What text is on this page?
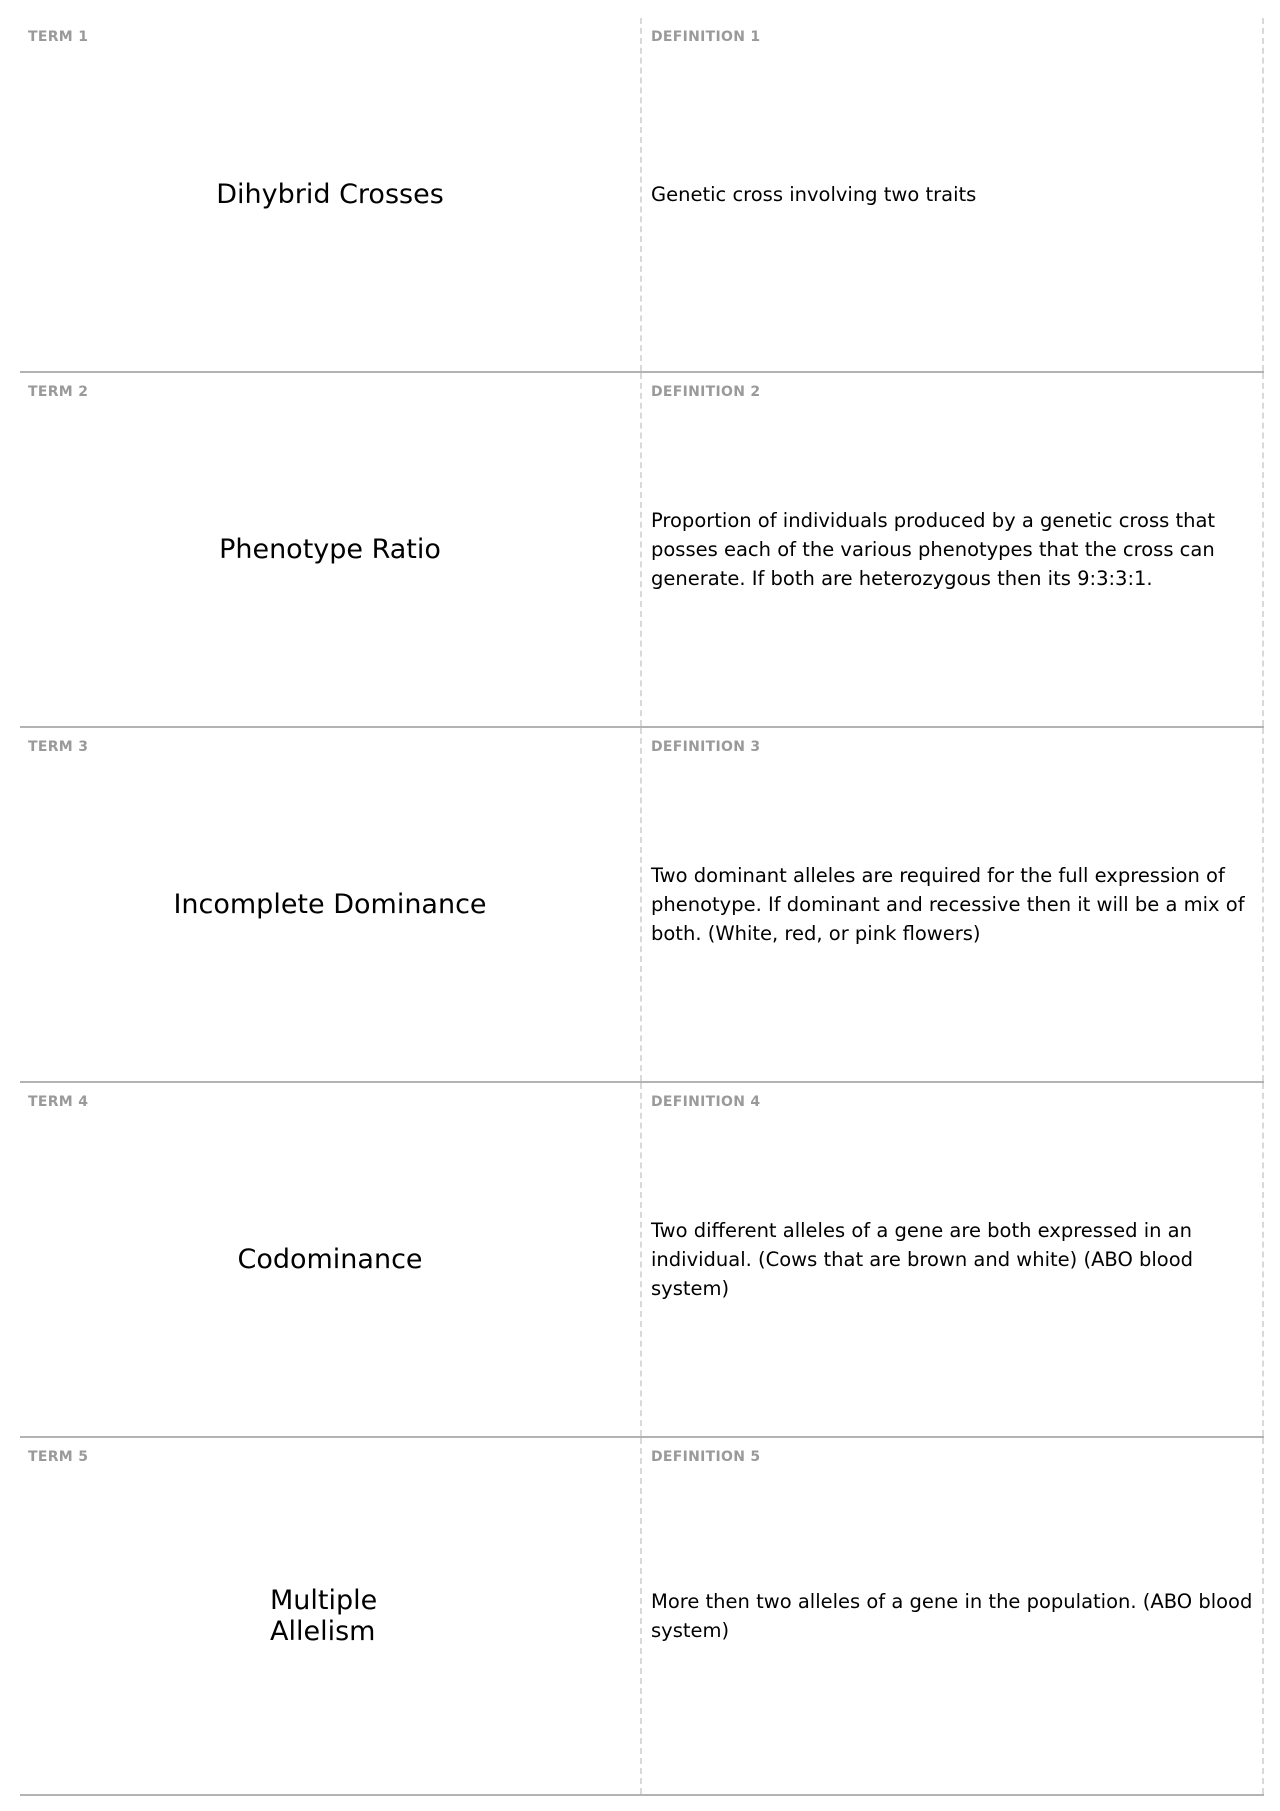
TERM 1
Dihybrid Crosses
DEFINITION 1
Genetic cross involving two traits
TERM 2
Phenotype Ratio
DEFINITION 2
Proportion of individuals produced by a genetic cross that posses each of the various phenotypes that the cross can generate. If both are heterozygous then its 9:3:3:1.
TERM 3
Incomplete Dominance
DEFINITION 3
Two dominant alleles are required for the full expression of phenotype. If dominant and recessive then it will be a mix of both. (White, red, or pink flowers)
TERM 4
Codominance
DEFINITION 4
Two different alleles of a gene are both expressed in an individual. (Cows that are brown and white) (ABO blood system)
TERM 5
Multiple Allelism
DEFINITION 5
More then two alleles of a gene in the population. (ABO blood system)
